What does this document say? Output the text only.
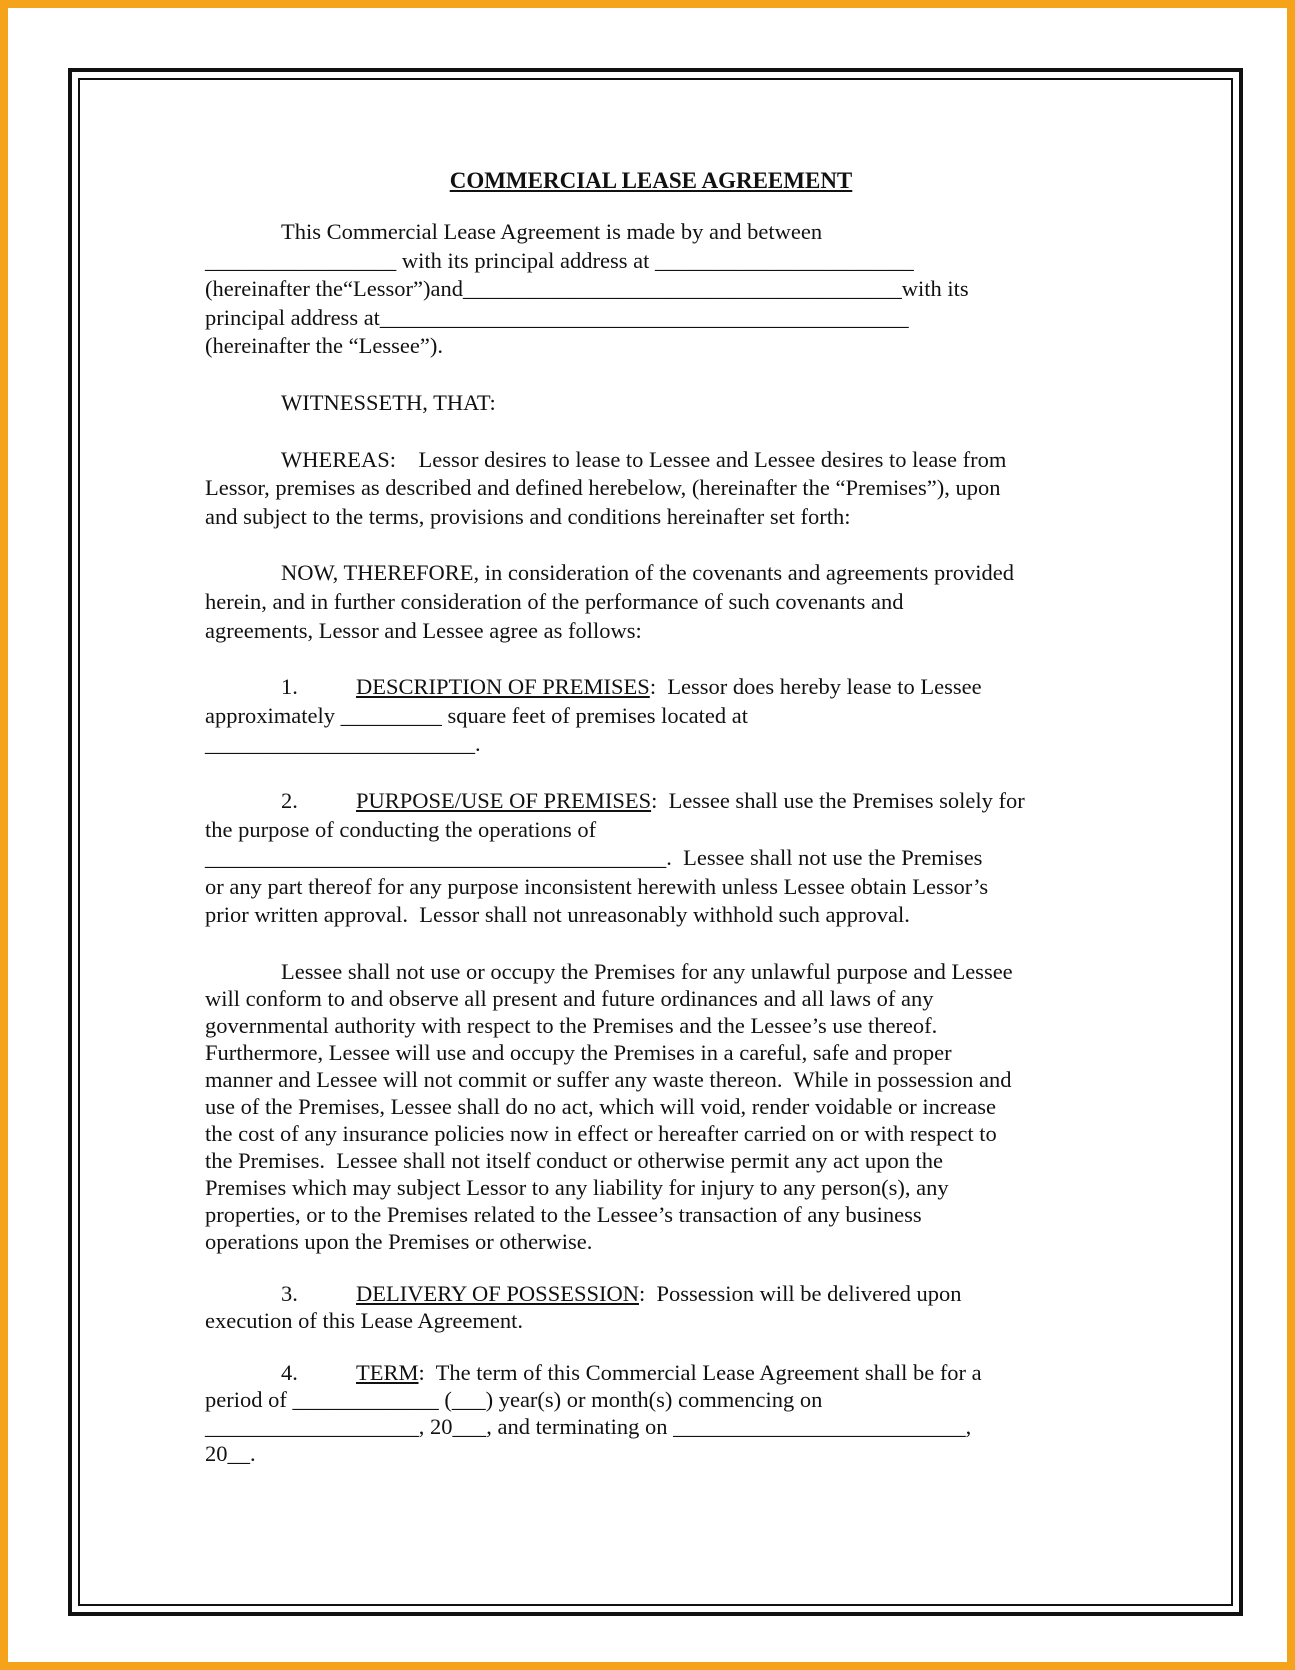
COMMERCIAL LEASE AGREEMENT

This Commercial Lease Agreement is made by and between
_________________ with its principal address at _______________________
(hereinafter the“Lessor”)and_______________________________________with its
principal address at_______________________________________________
(hereinafter the “Lessee”).

WITNESSETH, THAT:

WHEREAS:    Lessor desires to lease to Lessee and Lessee desires to lease from
Lessor, premises as described and defined herebelow, (hereinafter the “Premises”), upon
and subject to the terms, provisions and conditions hereinafter set forth:

NOW, THEREFORE, in consideration of the covenants and agreements provided
herein, and in further consideration of the performance of such covenants and
agreements, Lessor and Lessee agree as follows:

1.	DESCRIPTION OF PREMISES:  Lessor does hereby lease to Lessee
approximately _________ square feet of premises located at
________________________.

2.	PURPOSE/USE OF PREMISES:  Lessee shall use the Premises solely for
the purpose of conducting the operations of
_________________________________________.  Lessee shall not use the Premises
or any part thereof for any purpose inconsistent herewith unless Lessee obtain Lessor’s
prior written approval.  Lessor shall not unreasonably withhold such approval.

Lessee shall not use or occupy the Premises for any unlawful purpose and Lessee
will conform to and observe all present and future ordinances and all laws of any
governmental authority with respect to the Premises and the Lessee’s use thereof.
Furthermore, Lessee will use and occupy the Premises in a careful, safe and proper
manner and Lessee will not commit or suffer any waste thereon.  While in possession and
use of the Premises, Lessee shall do no act, which will void, render voidable or increase
the cost of any insurance policies now in effect or hereafter carried on or with respect to
the Premises.  Lessee shall not itself conduct or otherwise permit any act upon the
Premises which may subject Lessor to any liability for injury to any person(s), any
properties, or to the Premises related to the Lessee’s transaction of any business
operations upon the Premises or otherwise.

3.	DELIVERY OF POSSESSION:  Possession will be delivered upon
execution of this Lease Agreement.

4.	TERM:  The term of this Commercial Lease Agreement shall be for a
period of _____________ (___) year(s) or month(s) commencing on
___________________, 20___, and terminating on __________________________,
20__.
